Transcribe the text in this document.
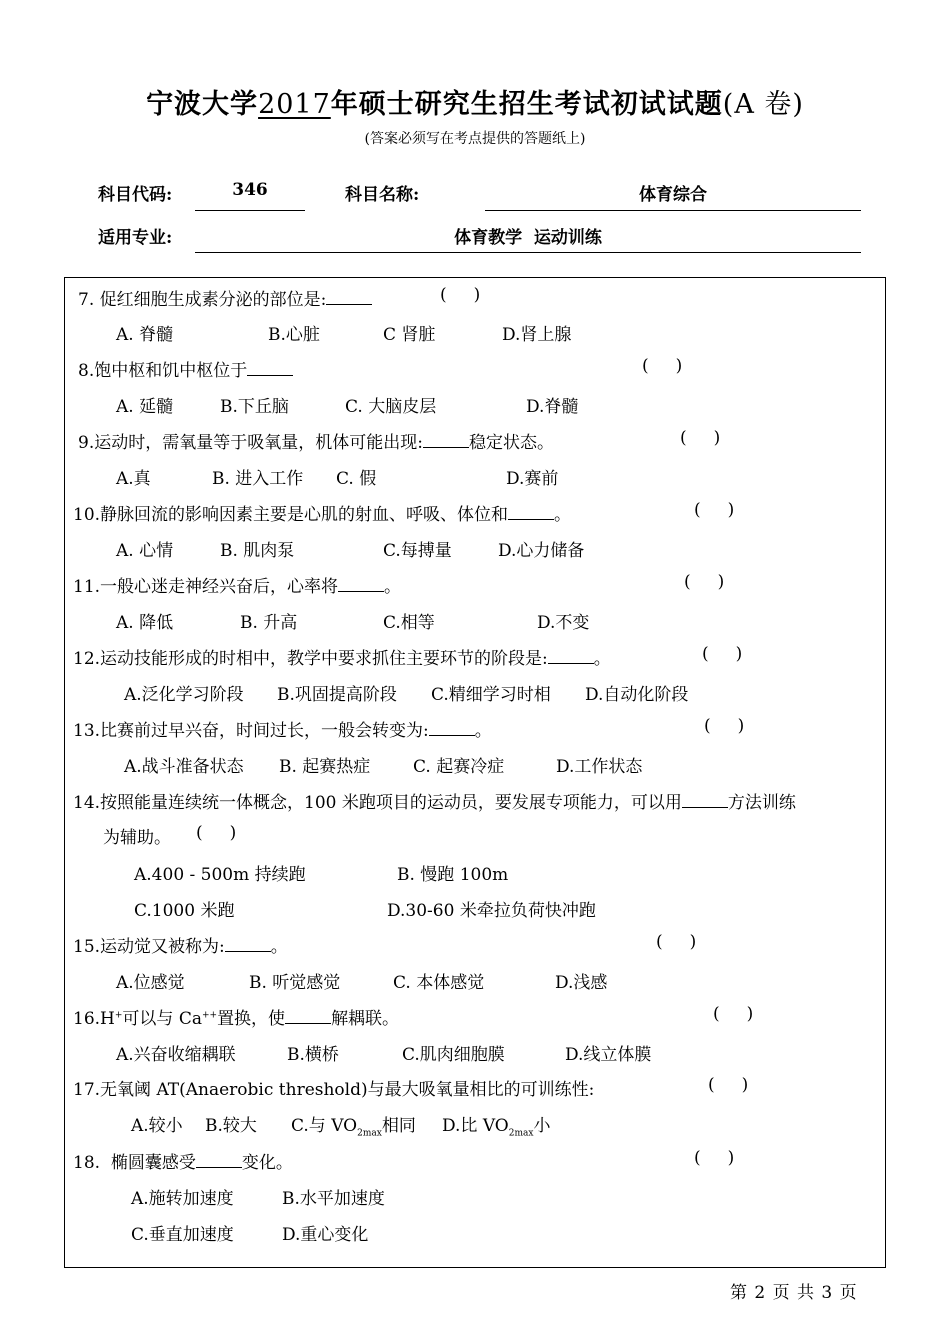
宁波大学2017年硕士研究生招生考试初试试题(A 卷)
(答案必须写在考点提供的答题纸上)
科目代码:	346	科目名称:	体育综合
适用专业:	体育教学  运动训练
7. 促红细胞生成素分泌的部位是:	(     )
A. 脊髓	B.心脏	C 肾脏	D.肾上腺
8.饱中枢和饥中枢位于	(     )
A. 延髓	B.下丘脑	C. 大脑皮层	D.脊髓
9.运动时，需氧量等于吸氧量，机体可能出现:	稳定状态。	(     )
A.真	B. 进入工作 C. 假	D.赛前
10.静脉回流的影响因素主要是心肌的射血、呼吸、体位和	。	(     )
A. 心情	B. 肌肉泵	C.每搏量	D.心力储备
11.一般心迷走神经兴奋后，心率将	。	(     )
A. 降低	B. 升高	C.相等	D.不变
12.运动技能形成的时相中，教学中要求抓住主要环节的阶段是:	。	(     )
A.泛化学习阶段 B.巩固提高阶段 C.精细学习时相 D.自动化阶段
13.比赛前过早兴奋，时间过长，一般会转变为:	。	(     )
A.战斗准备状态 B. 起赛热症	C. 起赛冷症	D.工作状态
14.按照能量连续统一体概念，100 米跑项目的运动员，要发展专项能力，可以用	方法训练
为辅助。 (     )
A.400 - 500m 持续跑	B. 慢跑 100m
C.1000 米跑	D.30-60 米牵拉负荷快冲跑
15.运动觉又被称为:	。	(     )
A.位感觉	B. 听觉感觉	C. 本体感觉	D.浅感
16.H+可以与 Ca++置换，使	解耦联。	(     )
A.兴奋收缩耦联	B.横桥	C.肌肉细胞膜	D.线立体膜
17.无氧阈 AT(Anaerobic threshold)与最大吸氧量相比的可训练性:	(     )
A.较小 B.较大 C.与 $VO_{2max}$相同 D.比 $VO_{2max}$小
18.  椭圆囊感受	变化。	(     )
A.施转加速度	B.水平加速度
C.垂直加速度	D.重心变化
第 2 页 共 3 页
